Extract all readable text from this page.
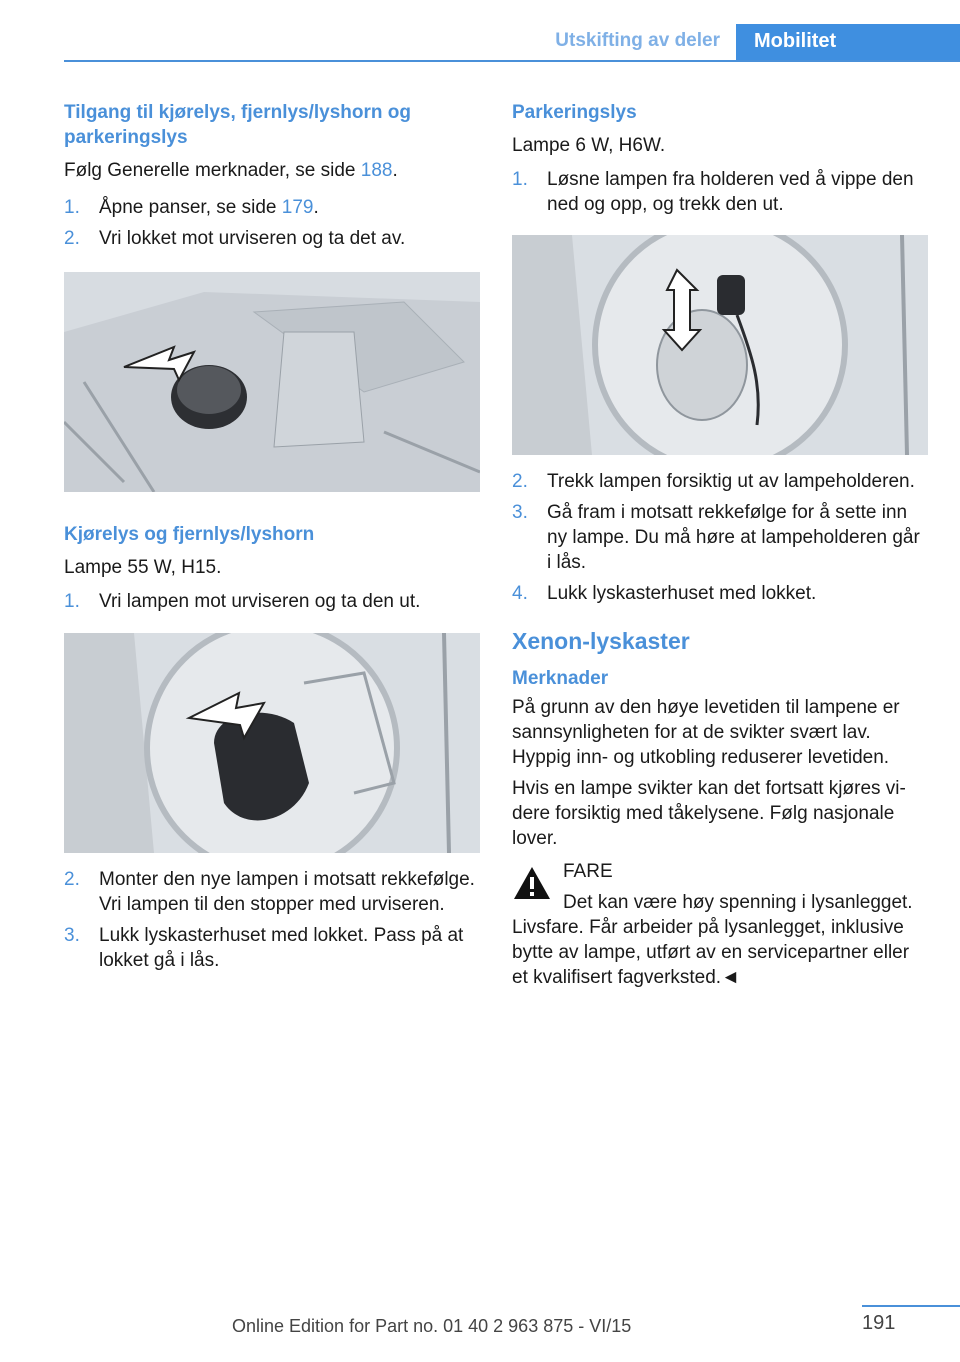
Utskifting av deler Mobilitet

Tilgang til kjørelys, fjernlys/lyshorn og parkeringslys

Følg Generelle merknader, se side 188.

1. Åpne panser, se side 179.
2. Vri lokket mot urviseren og ta det av.

Kjørelys og fjernlys/lyshorn

Lampe 55 W, H15.

1. Vri lampen mot urviseren og ta den ut.
2. Monter den nye lampen i motsatt rekkefølge. Vri lampen til den stopper med urviseren.
3. Lukk lyskasterhuset med lokket. Pass på at lokket gå i lås.

Parkeringslys

Lampe 6 W, H6W.

1. Løsne lampen fra holderen ved å vippe den ned og opp, og trekk den ut.
2. Trekk lampen forsiktig ut av lampeholderen.
3. Gå fram i motsatt rekkefølge for å sette inn ny lampe. Du må høre at lampeholderen går i lås.
4. Lukk lyskasterhuset med lokket.

Xenon-lyskaster

Merknader

På grunn av den høye levetiden til lampene er sannsynligheten for at de svikter svært lav. Hyppig inn- og utkobling reduserer levetiden.

Hvis en lampe svikter kan det fortsatt kjøres videre forsiktig med tåkelysene. Følg nasjonale lover.

FARE

Det kan være høy spenning i lysanlegget.

Livsfare. Får arbeider på lysanlegget, inklusive bytte av lampe, utført av en servicepartner eller et kvalifisert fagverksted.◄

191
Online Edition for Part no. 01 40 2 963 875 - VI/15
